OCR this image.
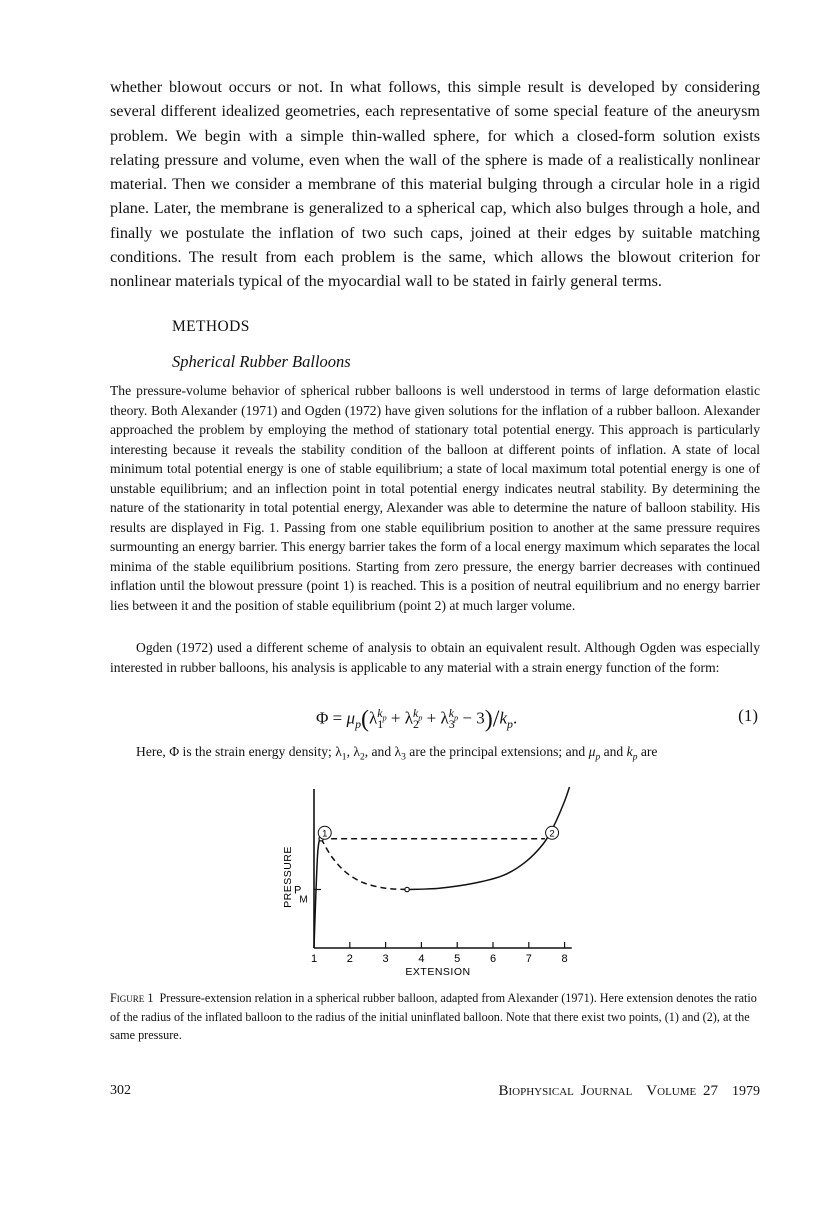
whether blowout occurs or not. In what follows, this simple result is developed by considering several different idealized geometries, each representative of some special feature of the aneurysm problem. We begin with a simple thin-walled sphere, for which a closed-form solution exists relating pressure and volume, even when the wall of the sphere is made of a realistically nonlinear material. Then we consider a membrane of this material bulging through a circular hole in a rigid plane. Later, the membrane is generalized to a spherical cap, which also bulges through a hole, and finally we postulate the inflation of two such caps, joined at their edges by suitable matching conditions. The result from each problem is the same, which allows the blowout criterion for nonlinear materials typical of the myocardial wall to be stated in fairly general terms.

METHODS
Spherical Rubber Balloons

The pressure-volume behavior of spherical rubber balloons is well understood in terms of large deformation elastic theory. Both Alexander (1971) and Ogden (1972) have given solutions for the inflation of a rubber balloon. Alexander approached the problem by employing the method of stationary total potential energy. This approach is particularly interesting because it reveals the stability condition of the balloon at different points of inflation. A state of local minimum total potential energy is one of stable equilibrium; a state of local maximum total potential energy is one of unstable equilibrium; and an inflection point in total potential energy indicates neutral stability. By determining the nature of the stationarity in total potential energy, Alexander was able to determine the nature of balloon stability. His results are displayed in Fig. 1. Passing from one stable equilibrium position to another at the same pressure requires surmounting an energy barrier. This energy barrier takes the form of a local energy maximum which separates the local minima of the stable equilibrium positions. Starting from zero pressure, the energy barrier decreases with continued inflation until the blowout pressure (point 1) is reached. This is a position of neutral equilibrium and no energy barrier lies between it and the position of stable equilibrium (point 2) at much larger volume.

Ogden (1972) used a different scheme of analysis to obtain an equivalent result. Although Ogden was especially interested in rubber balloons, his analysis is applicable to any material with a strain energy function of the form:

$\Phi = \mu_p(\lambda_1^{k_p} + \lambda_2^{k_p} + \lambda_3^{k_p} - 3)/k_p$.	(1)

Here, Φ is the strain energy density; $\lambda_1$, $\lambda_2$, and $\lambda_3$ are the principal extensions; and $\mu_p$ and $k_p$ are

1	2	3	4	5	6	7	8
P M
1	2
PRESSURE
EXTENSION

Figure 1 Pressure-extension relation in a spherical rubber balloon, adapted from Alexander (1971). Here extension denotes the ratio of the radius of the inflated balloon to the radius of the initial uninflated balloon. Note that there exist two points, (1) and (2), at the same pressure.

302	Biophysical Journal Volume 27 1979
